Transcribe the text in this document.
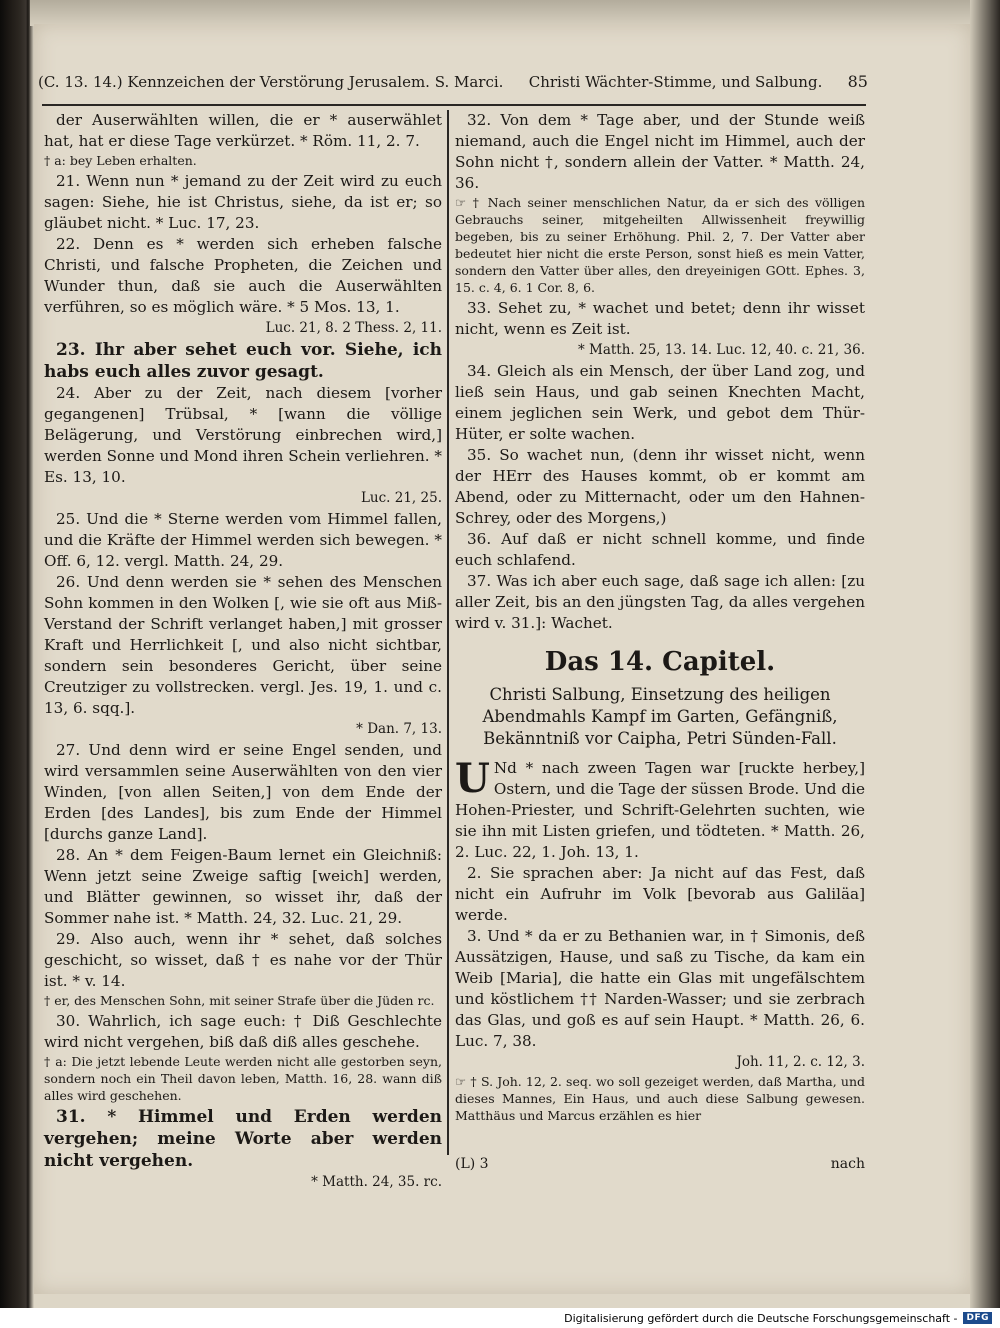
(C. 13. 14.) Kennzeichen der Verstörung Jerusalem. S. Marci. Christi Wächter-Stimme, und Salbung. 85

der Auserwählten willen, die er * auserwählet hat, hat er diese Tage verkürzet. * Röm. 11, 2. 7.

† a: bey Leben erhalten.

21. Wenn nun * jemand zu der Zeit wird zu euch sagen: Siehe, hie ist Christus, siehe, da ist er; so gläubet nicht. * Luc. 17, 23.

22. Denn es * werden sich erheben falsche Christi, und falsche Propheten, die Zeichen und Wunder thun, daß sie auch die Auserwählten verführen, so es möglich wäre. * 5 Mos. 13, 1.

Luc. 21, 8. 2 Thess. 2, 11.

23. Ihr aber sehet euch vor. Siehe, ich habs euch alles zuvor gesagt.

24. Aber zu der Zeit, nach diesem [vorher gegangenen] Trübsal, * [wann die völlige Belägerung, und Verstörung einbrechen wird,] werden Sonne und Mond ihren Schein verliehren. * Es. 13, 10.

Luc. 21, 25.

25. Und die * Sterne werden vom Himmel fallen, und die Kräfte der Himmel werden sich bewegen. * Off. 6, 12. vergl. Matth. 24, 29.

26. Und denn werden sie * sehen des Menschen Sohn kommen in den Wolken [, wie sie oft aus Miß-Verstand der Schrift verlanget haben,] mit grosser Kraft und Herrlichkeit [, und also nicht sichtbar, sondern sein besonderes Gericht, über seine Creutziger zu vollstrecken. vergl. Jes. 19, 1. und c. 13, 6. sqq.].

* Dan. 7, 13.

27. Und denn wird er seine Engel senden, und wird versammlen seine Auserwählten von den vier Winden, [von allen Seiten,] von dem Ende der Erden [des Landes], bis zum Ende der Himmel [durchs ganze Land].

28. An * dem Feigen-Baum lernet ein Gleichniß: Wenn jetzt seine Zweige saftig [weich] werden, und Blätter gewinnen, so wisset ihr, daß der Sommer nahe ist. * Matth. 24, 32. Luc. 21, 29.

29. Also auch, wenn ihr * sehet, daß solches geschicht, so wisset, daß † es nahe vor der Thür ist. * v. 14.

† er, des Menschen Sohn, mit seiner Strafe über die Jüden rc.

30. Wahrlich, ich sage euch: † Diß Geschlechte wird nicht vergehen, biß daß diß alles geschehe.

† a: Die jetzt lebende Leute werden nicht alle gestorben seyn, sondern noch ein Theil davon leben, Matth. 16, 28. wann diß alles wird geschehen.

31. * Himmel und Erden werden vergehen; meine Worte aber werden nicht vergehen.

* Matth. 24, 35. rc.

32. Von dem * Tage aber, und der Stunde weiß niemand, auch die Engel nicht im Himmel, auch der Sohn nicht †, sondern allein der Vatter. * Matth. 24, 36.

☞ † Nach seiner menschlichen Natur, da er sich des völligen Gebrauchs seiner, mitgeheilten Allwissenheit freywillig begeben, bis zu seiner Erhöhung. Phil. 2, 7. Der Vatter aber bedeutet hier nicht die erste Person, sonst hieß es mein Vatter, sondern den Vatter über alles, den dreyeinigen GOtt. Ephes. 3, 15. c. 4, 6. 1 Cor. 8, 6.

33. Sehet zu, * wachet und betet; denn ihr wisset nicht, wenn es Zeit ist.

* Matth. 25, 13. 14. Luc. 12, 40. c. 21, 36.

34. Gleich als ein Mensch, der über Land zog, und ließ sein Haus, und gab seinen Knechten Macht, einem jeglichen sein Werk, und gebot dem Thür-Hüter, er solte wachen.

35. So wachet nun, (denn ihr wisset nicht, wenn der HErr des Hauses kommt, ob er kommt am Abend, oder zu Mitternacht, oder um den Hahnen-Schrey, oder des Morgens,)

36. Auf daß er nicht schnell komme, und finde euch schlafend.

37. Was ich aber euch sage, daß sage ich allen: [zu aller Zeit, bis an den jüngsten Tag, da alles vergehen wird v. 31.]: Wachet.

Das 14. Capitel.
Christi Salbung, Einsetzung des heiligen Abendmahls Kampf im Garten, Gefängniß, Bekänntniß vor Caipha, Petri Sünden-Fall.

U Nd * nach zween Tagen war [ruckte herbey,] Ostern, und die Tage der süssen Brode. Und die Hohen-Priester, und Schrift-Gelehrten suchten, wie sie ihn mit Listen griefen, und tödteten. * Matth. 26, 2. Luc. 22, 1. Joh. 13, 1.

2. Sie sprachen aber: Ja nicht auf das Fest, daß nicht ein Aufruhr im Volk [bevorab aus Galiläa] werde.

3. Und * da er zu Bethanien war, in † Simonis, deß Aussätzigen, Hause, und saß zu Tische, da kam ein Weib [Maria], die hatte ein Glas mit ungefälschtem und köstlichem †† Narden-Wasser; und sie zerbrach das Glas, und goß es auf sein Haupt. * Matth. 26, 6. Luc. 7, 38.

Joh. 11, 2. c. 12, 3.

☞ † S. Joh. 12, 2. seq. wo soll gezeiget werden, daß Martha, und dieses Mannes, Ein Haus, und auch diese Salbung gewesen. Matthäus und Marcus erzählen es hier

(L) 3	nach
Digitalisierung gefördert durch die Deutsche Forschungsgemeinschaft -	DFG
